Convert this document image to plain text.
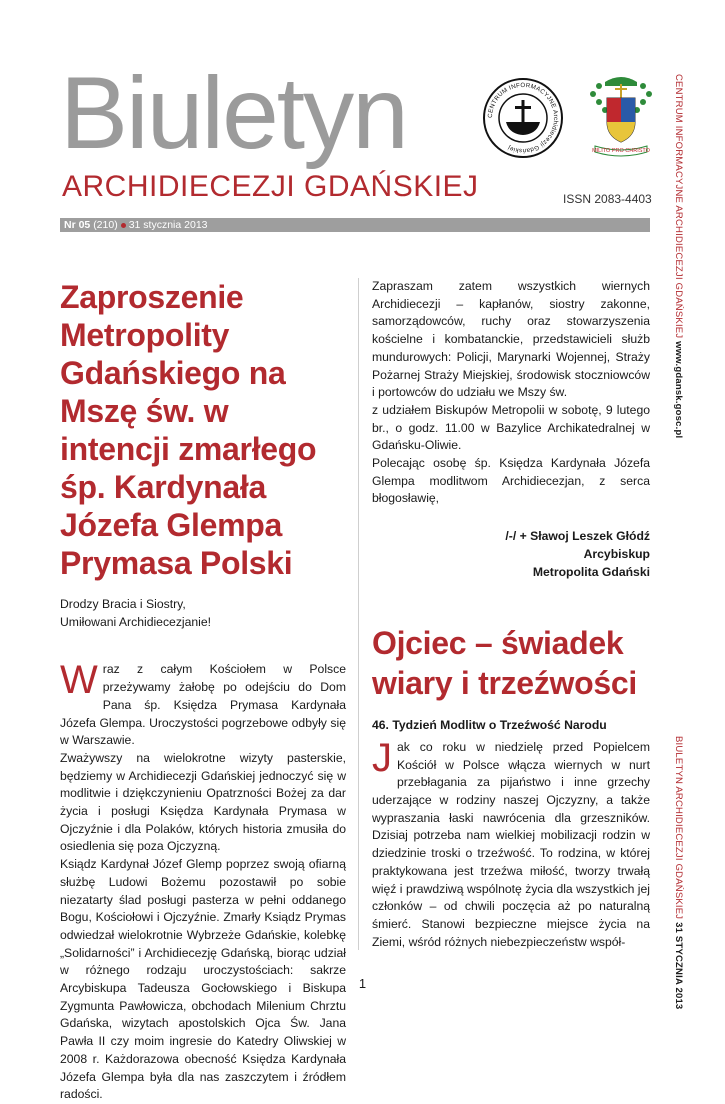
Biuletyn
ARCHIDIECEZJI GDAŃSKIEJ	ISSN 2083-4403
CENTRUM INFORMACYJNE Archidiecezji Gdańskiej
MILITO PRO CHRISTO
Nr 05 (210) 31 stycznia 2013	CENTRUM INFORMACYJNE ARCHIDIECEZJI GDAŃSKIEJ www.gdansk.gosc.pl
BIULETYN ARCHIDIECEZJI GDAŃSKIEJ 31 STYCZNIA 2013
Zaproszenie Metropolity Gdańskiego na Mszę św. w intencji zmarłego śp. Kardynała Józefa Glempa Prymasa Polski

Drodzy Bracia i Siostry,
Umiłowani Archidiecezjanie!

Wraz z całym Kościołem w Polsce przeżywamy żałobę po odejściu do Dom Pana śp. Księdza Prymasa Kardynała Józefa Glempa. Uroczystości pogrzebowe odbyły się w Warszawie.

Zważywszy na wielokrotne wizyty pasterskie, będziemy w Archidiecezji Gdańskiej jednoczyć się w modlitwie i dziękczynieniu Opatrzności Bożej za dar życia i posługi Księdza Kardynała Prymasa w Ojczyźnie i dla Polaków, których historia zmusiła do osiedlenia się poza Ojczyzną.

Ksiądz Kardynał Józef Glemp poprzez swoją ofiarną służbę Ludowi Bożemu pozostawił po sobie niezatarty ślad posługi pasterza w pełni oddanego Bogu, Kościołowi i Ojczyźnie. Zmarły Ksiądz Prymas odwiedzał wielokrotnie Wybrzeże Gdańskie, kolebkę „Solidarności” i Archidiecezję Gdańską, biorąc udział w różnego rodzaju uroczystościach: sakrze Arcybiskupa Tadeusza Gocłowskiego i Biskupa Zygmunta Pawłowicza, obchodach Milenium Chrztu Gdańska, wizytach apostolskich Ojca Św. Jana Pawła II czy moim ingresie do Katedry Oliwskiej w 2008 r. Każdorazowa obecność Księdza Kardynała Józefa Glempa była dla nas zaszczytem i źródłem radości.

Zapraszam zatem wszystkich wiernych Archidiecezji – kapłanów, siostry zakonne, samorządowców, ruchy oraz stowarzyszenia kościelne i kombatanckie, przedstawicieli służb mundurowych: Policji, Marynarki Wojennej, Straży Pożarnej Straży Miejskiej, środowisk stoczniowców i portowców do udziału we Mszy św.

z udziałem Biskupów Metropolii w sobotę, 9 lutego br., o godz. 11.00 w Bazylice Archikatedralnej w Gdańsku-Oliwie.

Polecając osobę śp. Księdza Kardynała Józefa Glempa modlitwom Archidiecezjan, z serca błogosławię,

/-/ + Sławoj Leszek Głódź

Arcybiskup

Metropolita Gdański

Ojciec – świadek wiary i trzeźwości

46. Tydzień Modlitw o Trzeźwość Narodu

Jak co roku w niedzielę przed Popielcem Kościół w Polsce włącza wiernych w nurt przebłagania za pijaństwo i inne grzechy uderzające w rodziny naszej Ojczyzny, a także wypraszania łaski nawrócenia dla grzeszników. Dzisiaj potrzeba nam wielkiej mobilizacji rodzin w dziedzinie troski o trzeźwość. To rodzina, w której praktykowana jest trzeźwa miłość, tworzy trwałą więź i prawdziwą wspólnotę życia dla wszystkich jej członków – od chwili poczęcia aż po naturalną śmierć. Stanowi bezpieczne miejsce życia na Ziemi, wśród różnych niebezpieczeństw współ-

1
